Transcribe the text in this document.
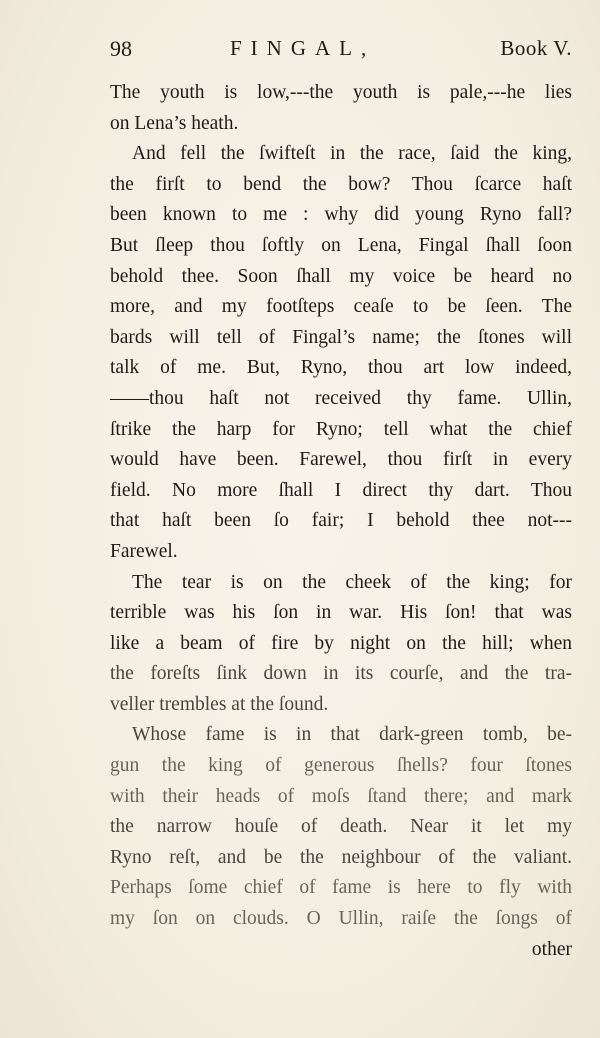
98	FINGAL,	Book V.
The youth is low,---the youth is pale,---he lies
on Lena’s heath.
And fell the ſwifteſt in the race, ſaid the king,
the firſt to bend the bow? Thou ſcarce haſt
been known to me : why did young Ryno fall?
But ſleep thou ſoftly on Lena, Fingal ſhall ſoon
behold thee. Soon ſhall my voice be heard no
more, and my footſteps ceaſe to be ſeen. The
bards will tell of Fingal’s name; the ſtones will
talk of me. But, Ryno, thou art low indeed,
——thou haſt not received thy fame. Ullin,
ſtrike the harp for Ryno; tell what the chief
would have been. Farewel, thou firſt in every
field. No more ſhall I direct thy dart. Thou
that haſt been ſo fair; I behold thee not---
Farewel.
The tear is on the cheek of the king; for
terrible was his ſon in war. His ſon! that was
like a beam of fire by night on the hill; when
the foreſts ſink down in its courſe, and the tra-
veller trembles at the ſound.
Whose fame is in that dark-green tomb, be-
gun the king of generous ſhells? four ſtones
with their heads of moſs ſtand there; and mark
the narrow houſe of death. Near it let my
Ryno reſt, and be the neighbour of the valiant.
Perhaps ſome chief of fame is here to fly with
my ſon on clouds. O Ullin, raiſe the ſongs of
other
